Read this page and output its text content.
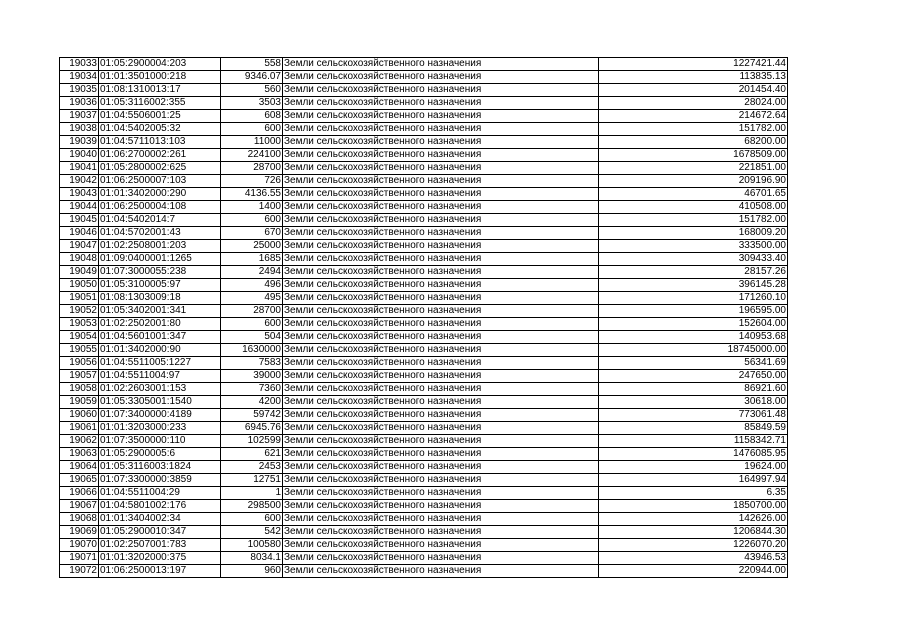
19033	01:05:2900004:203	558	Земли сельскохозяйственного назначения	1227421.44
19034	01:01:3501000:218	9346.07	Земли сельскохозяйственного назначения	113835.13
19035	01:08:1310013:17	560	Земли сельскохозяйственного назначения	201454.40
19036	01:05:3116002:355	3503	Земли сельскохозяйственного назначения	28024.00
19037	01:04:5506001:25	608	Земли сельскохозяйственного назначения	214672.64
19038	01:04:5402005:32	600	Земли сельскохозяйственного назначения	151782.00
19039	01:04:5711013:103	11000	Земли сельскохозяйственного назначения	68200.00
19040	01:06:2700002:261	224100	Земли сельскохозяйственного назначения	1678509.00
19041	01:05:2800002:625	28700	Земли сельскохозяйственного назначения	221851.00
19042	01:06:2500007:103	726	Земли сельскохозяйственного назначения	209196.90
19043	01:01:3402000:290	4136.55	Земли сельскохозяйственного назначения	46701.65
19044	01:06:2500004:108	1400	Земли сельскохозяйственного назначения	410508.00
19045	01:04:5402014:7	600	Земли сельскохозяйственного назначения	151782.00
19046	01:04:5702001:43	670	Земли сельскохозяйственного назначения	168009.20
19047	01:02:2508001:203	25000	Земли сельскохозяйственного назначения	333500.00
19048	01:09:0400001:1265	1685	Земли сельскохозяйственного назначения	309433.40
19049	01:07:3000055:238	2494	Земли сельскохозяйственного назначения	28157.26
19050	01:05:3100005:97	496	Земли сельскохозяйственного назначения	396145.28
19051	01:08:1303009:18	495	Земли сельскохозяйственного назначения	171260.10
19052	01:05:3402001:341	28700	Земли сельскохозяйственного назначения	196595.00
19053	01:02:2502001:80	600	Земли сельскохозяйственного назначения	152604.00
19054	01:04:5601001:347	504	Земли сельскохозяйственного назначения	140953.68
19055	01:01:3402000:90	1630000	Земли сельскохозяйственного назначения	18745000.00
19056	01:04:5511005:1227	7583	Земли сельскохозяйственного назначения	56341.69
19057	01:04:5511004:97	39000	Земли сельскохозяйственного назначения	247650.00
19058	01:02:2603001:153	7360	Земли сельскохозяйственного назначения	86921.60
19059	01:05:3305001:1540	4200	Земли сельскохозяйственного назначения	30618.00
19060	01:07:3400000:4189	59742	Земли сельскохозяйственного назначения	773061.48
19061	01:01:3203000:233	6945.76	Земли сельскохозяйственного назначения	85849.59
19062	01:07:3500000:110	102599	Земли сельскохозяйственного назначения	1158342.71
19063	01:05:2900005:6	621	Земли сельскохозяйственного назначения	1476085.95
19064	01:05:3116003:1824	2453	Земли сельскохозяйственного назначения	19624.00
19065	01:07:3300000:3859	12751	Земли сельскохозяйственного назначения	164997.94
19066	01:04:5511004:29	1	Земли сельскохозяйственного назначения	6.35
19067	01:04:5801002:176	298500	Земли сельскохозяйственного назначения	1850700.00
19068	01:01:3404002:34	600	Земли сельскохозяйственного назначения	142626.00
19069	01:05:2900010:347	542	Земли сельскохозяйственного назначения	1206844.30
19070	01:02:2507001:783	100580	Земли сельскохозяйственного назначения	1226070.20
19071	01:01:3202000:375	8034.1	Земли сельскохозяйственного назначения	43946.53
19072	01:06:2500013:197	960	Земли сельскохозяйственного назначения	220944.00
